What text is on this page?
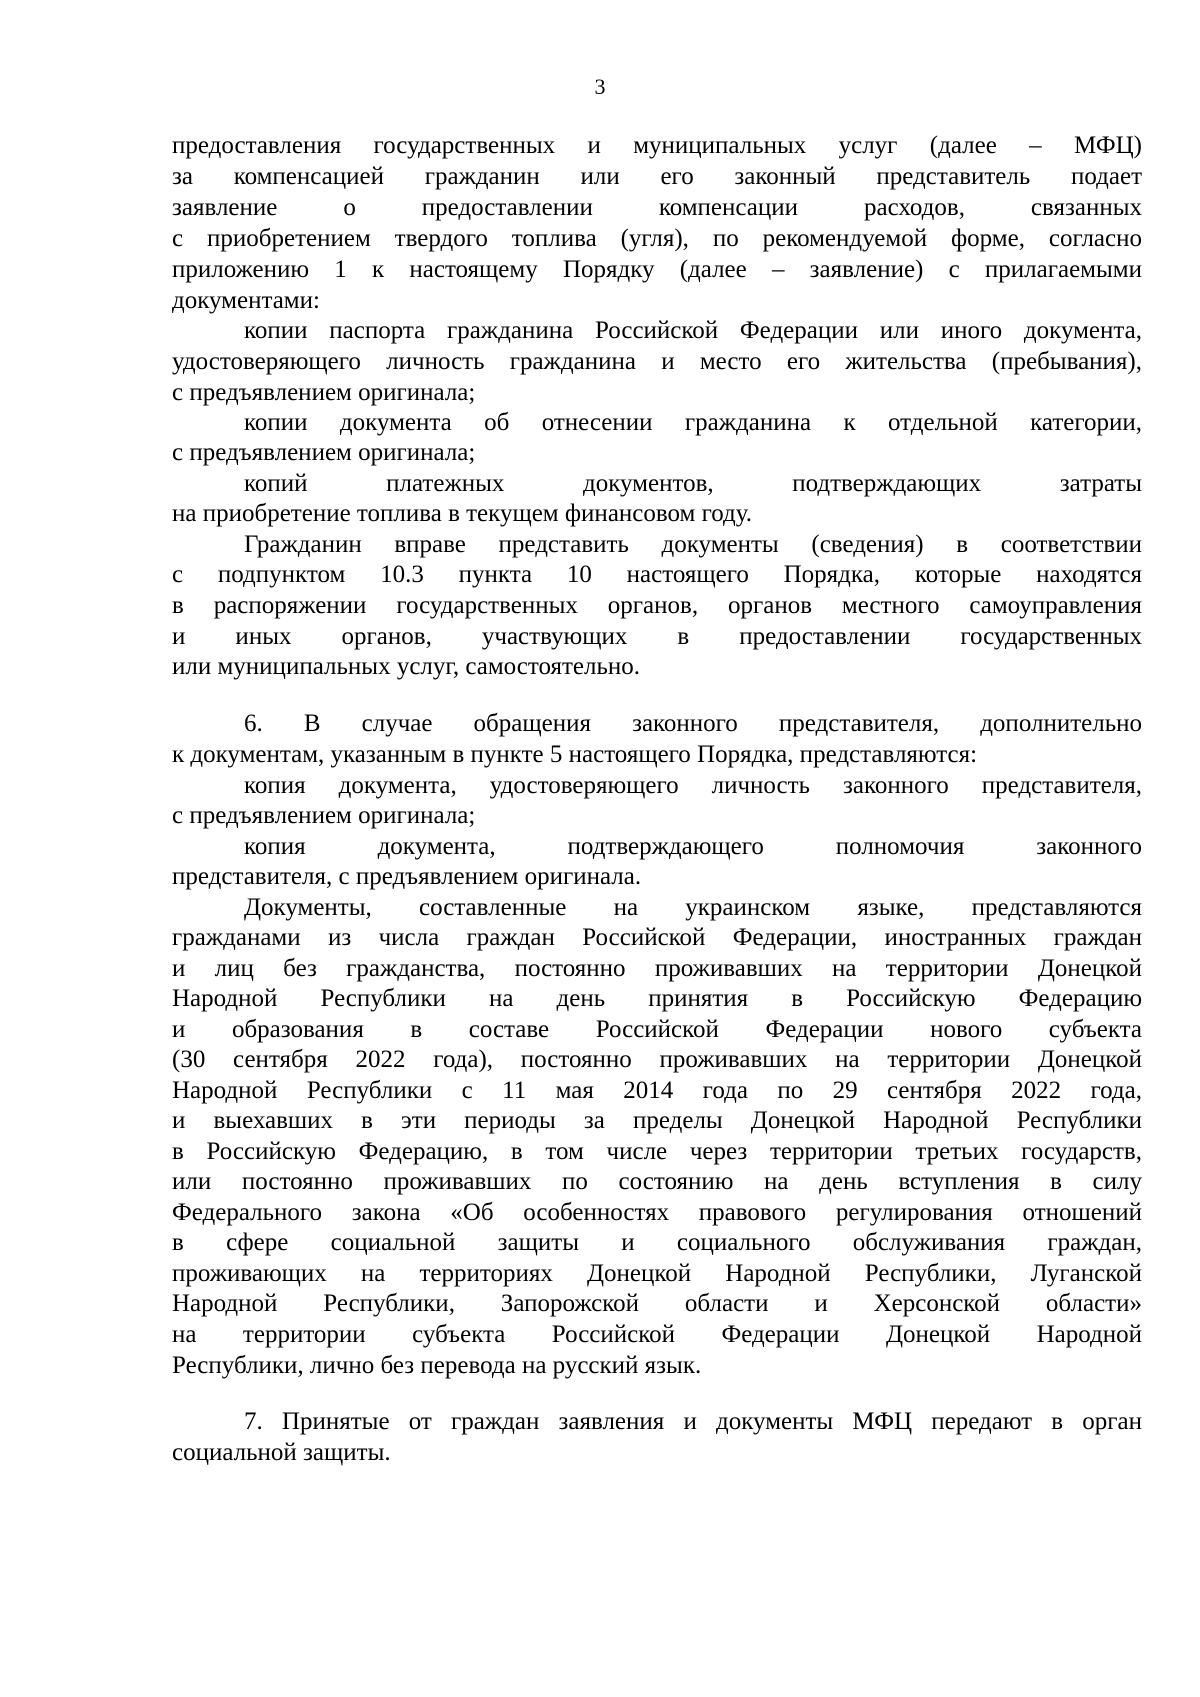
3
предоставления государственных и муниципальных услуг (далее – МФЦ)
за компенсацией гражданин или его законный представитель подает
заявление о предоставлении компенсации расходов, связанных
с приобретением твердого топлива (угля), по рекомендуемой форме, согласно
приложению 1 к настоящему Порядку (далее – заявление) с прилагаемыми
документами:
копии паспорта гражданина Российской Федерации или иного документа,
удостоверяющего личность гражданина и место его жительства (пребывания),
с предъявлением оригинала;
копии документа об отнесении гражданина к отдельной категории,
с предъявлением оригинала;
копий платежных документов, подтверждающих затраты
на приобретение топлива в текущем финансовом году.
Гражданин вправе представить документы (сведения) в соответствии
с подпунктом 10.3 пункта 10 настоящего Порядка, которые находятся
в распоряжении государственных органов, органов местного самоуправления
и иных органов, участвующих в предоставлении государственных
или муниципальных услуг, самостоятельно.
6. В случае обращения законного представителя, дополнительно
к документам, указанным в пункте 5 настоящего Порядка, представляются:
копия документа, удостоверяющего личность законного представителя,
с предъявлением оригинала;
копия документа, подтверждающего полномочия законного
представителя, с предъявлением оригинала.
Документы, составленные на украинском языке, представляются
гражданами из числа граждан Российской Федерации, иностранных граждан
и лиц без гражданства, постоянно проживавших на территории Донецкой
Народной Республики на день принятия в Российскую Федерацию
и образования в составе Российской Федерации нового субъекта
(30 сентября 2022 года), постоянно проживавших на территории Донецкой
Народной Республики с 11 мая 2014 года по 29 сентября 2022 года,
и выехавших в эти периоды за пределы Донецкой Народной Республики
в Российскую Федерацию, в том числе через территории третьих государств,
или постоянно проживавших по состоянию на день вступления в силу
Федерального закона «Об особенностях правового регулирования отношений
в сфере социальной защиты и социального обслуживания граждан,
проживающих на территориях Донецкой Народной Республики, Луганской
Народной Республики, Запорожской области и Херсонской области»
на территории субъекта Российской Федерации Донецкой Народной
Республики, лично без перевода на русский язык.
7. Принятые от граждан заявления и документы МФЦ передают в орган
социальной защиты.
